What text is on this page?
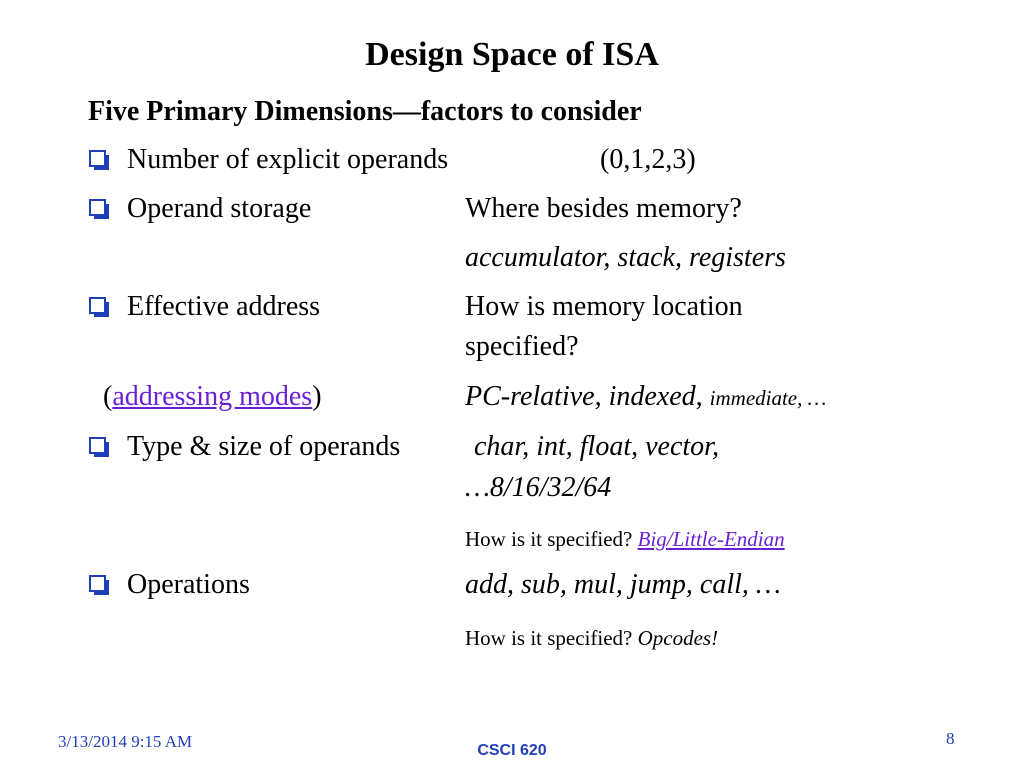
Design Space of ISA
Five Primary Dimensions—factors to consider
Number of explicit operands	(0,1,2,3)
Operand storage	Where besides memory?
accumulator, stack, registers
Effective address	How is memory location
specified?
(addressing modes)	PC-relative, indexed, immediate, …
Type & size of operands	char, int, float, vector,
…8/16/32/64
How is it specified? Big/Little-Endian
Operations	add, sub, mul, jump, call, …
How is it specified? Opcodes!
3/13/2014 9:15 AM	CSCI 620
8
